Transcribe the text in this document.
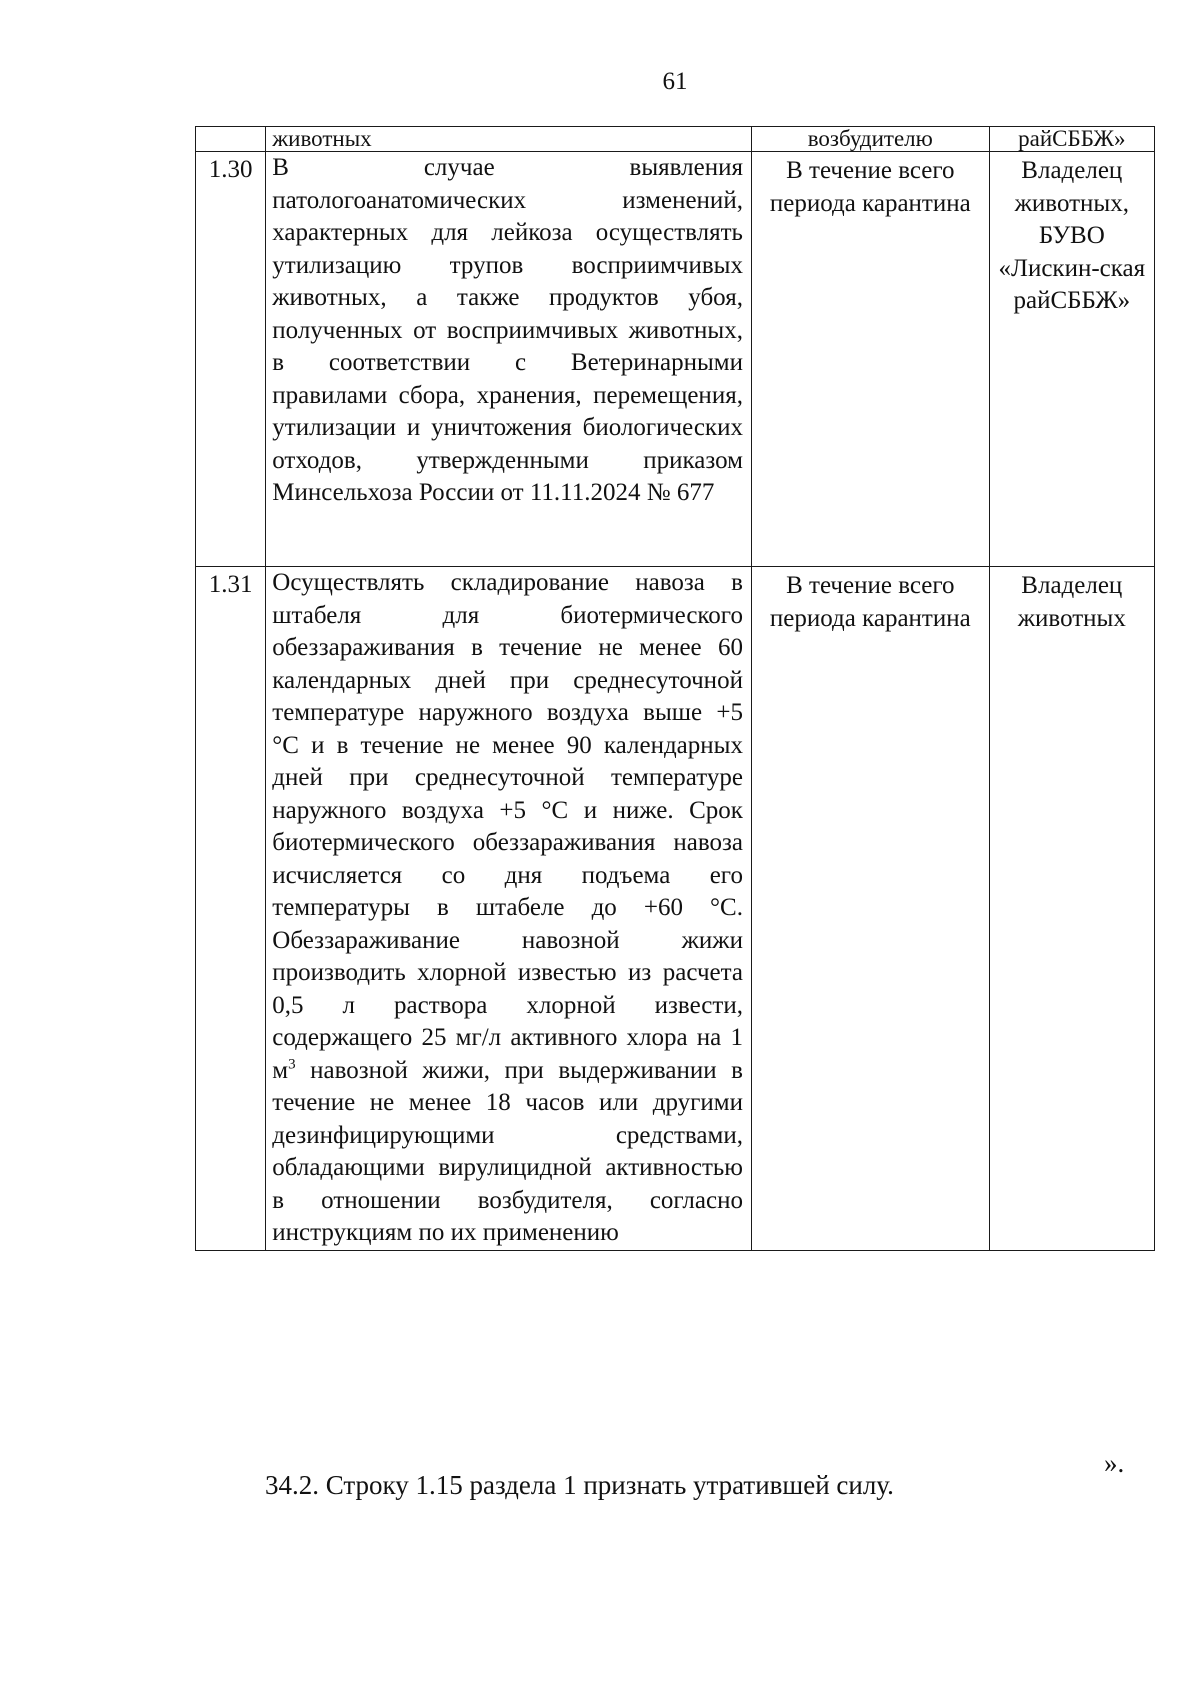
61
	животных	возбудителю	райСББЖ»
1.30	В случае выявления патологоанатомических изменений, характерных для лейкоза осуществлять утилизацию трупов восприимчивых животных, а также продуктов убоя, полученных от восприимчивых животных, в соответствии с Ветеринарными правилами сбора, хранения, перемещения, утилизации и уничтожения биологических отходов, утвержденными приказом Минсельхоза России от 11.11.2024 № 677	В течение всего периода карантина	Владелец животных, БУВО «Лискин-ская райСББЖ»
1.31	Осуществлять складирование навоза в штабеля для биотермического обеззараживания в течение не менее 60 календарных дней при среднесуточной температуре наружного воздуха выше +5 °С и в течение не менее 90 календарных дней при среднесуточной температуре наружного воздуха +5 °С и ниже. Срок биотермического обеззараживания навоза исчисляется со дня подъема его температуры в штабеле до +60 °С. Обеззараживание навозной жижи производить хлорной известью из расчета 0,5 л раствора хлорной извести, содержащего 25 мг/л активного хлора на 1 $м^3$ навозной жижи, при выдерживании в течение не менее 18 часов или другими дезинфицирующими средствами, обладающими вирулицидной активностью в отношении возбудителя, согласно инструкциям по их применению	В течение всего периода карантина	Владелец животных
».
34.2. Строку 1.15 раздела 1 признать утратившей силу.
